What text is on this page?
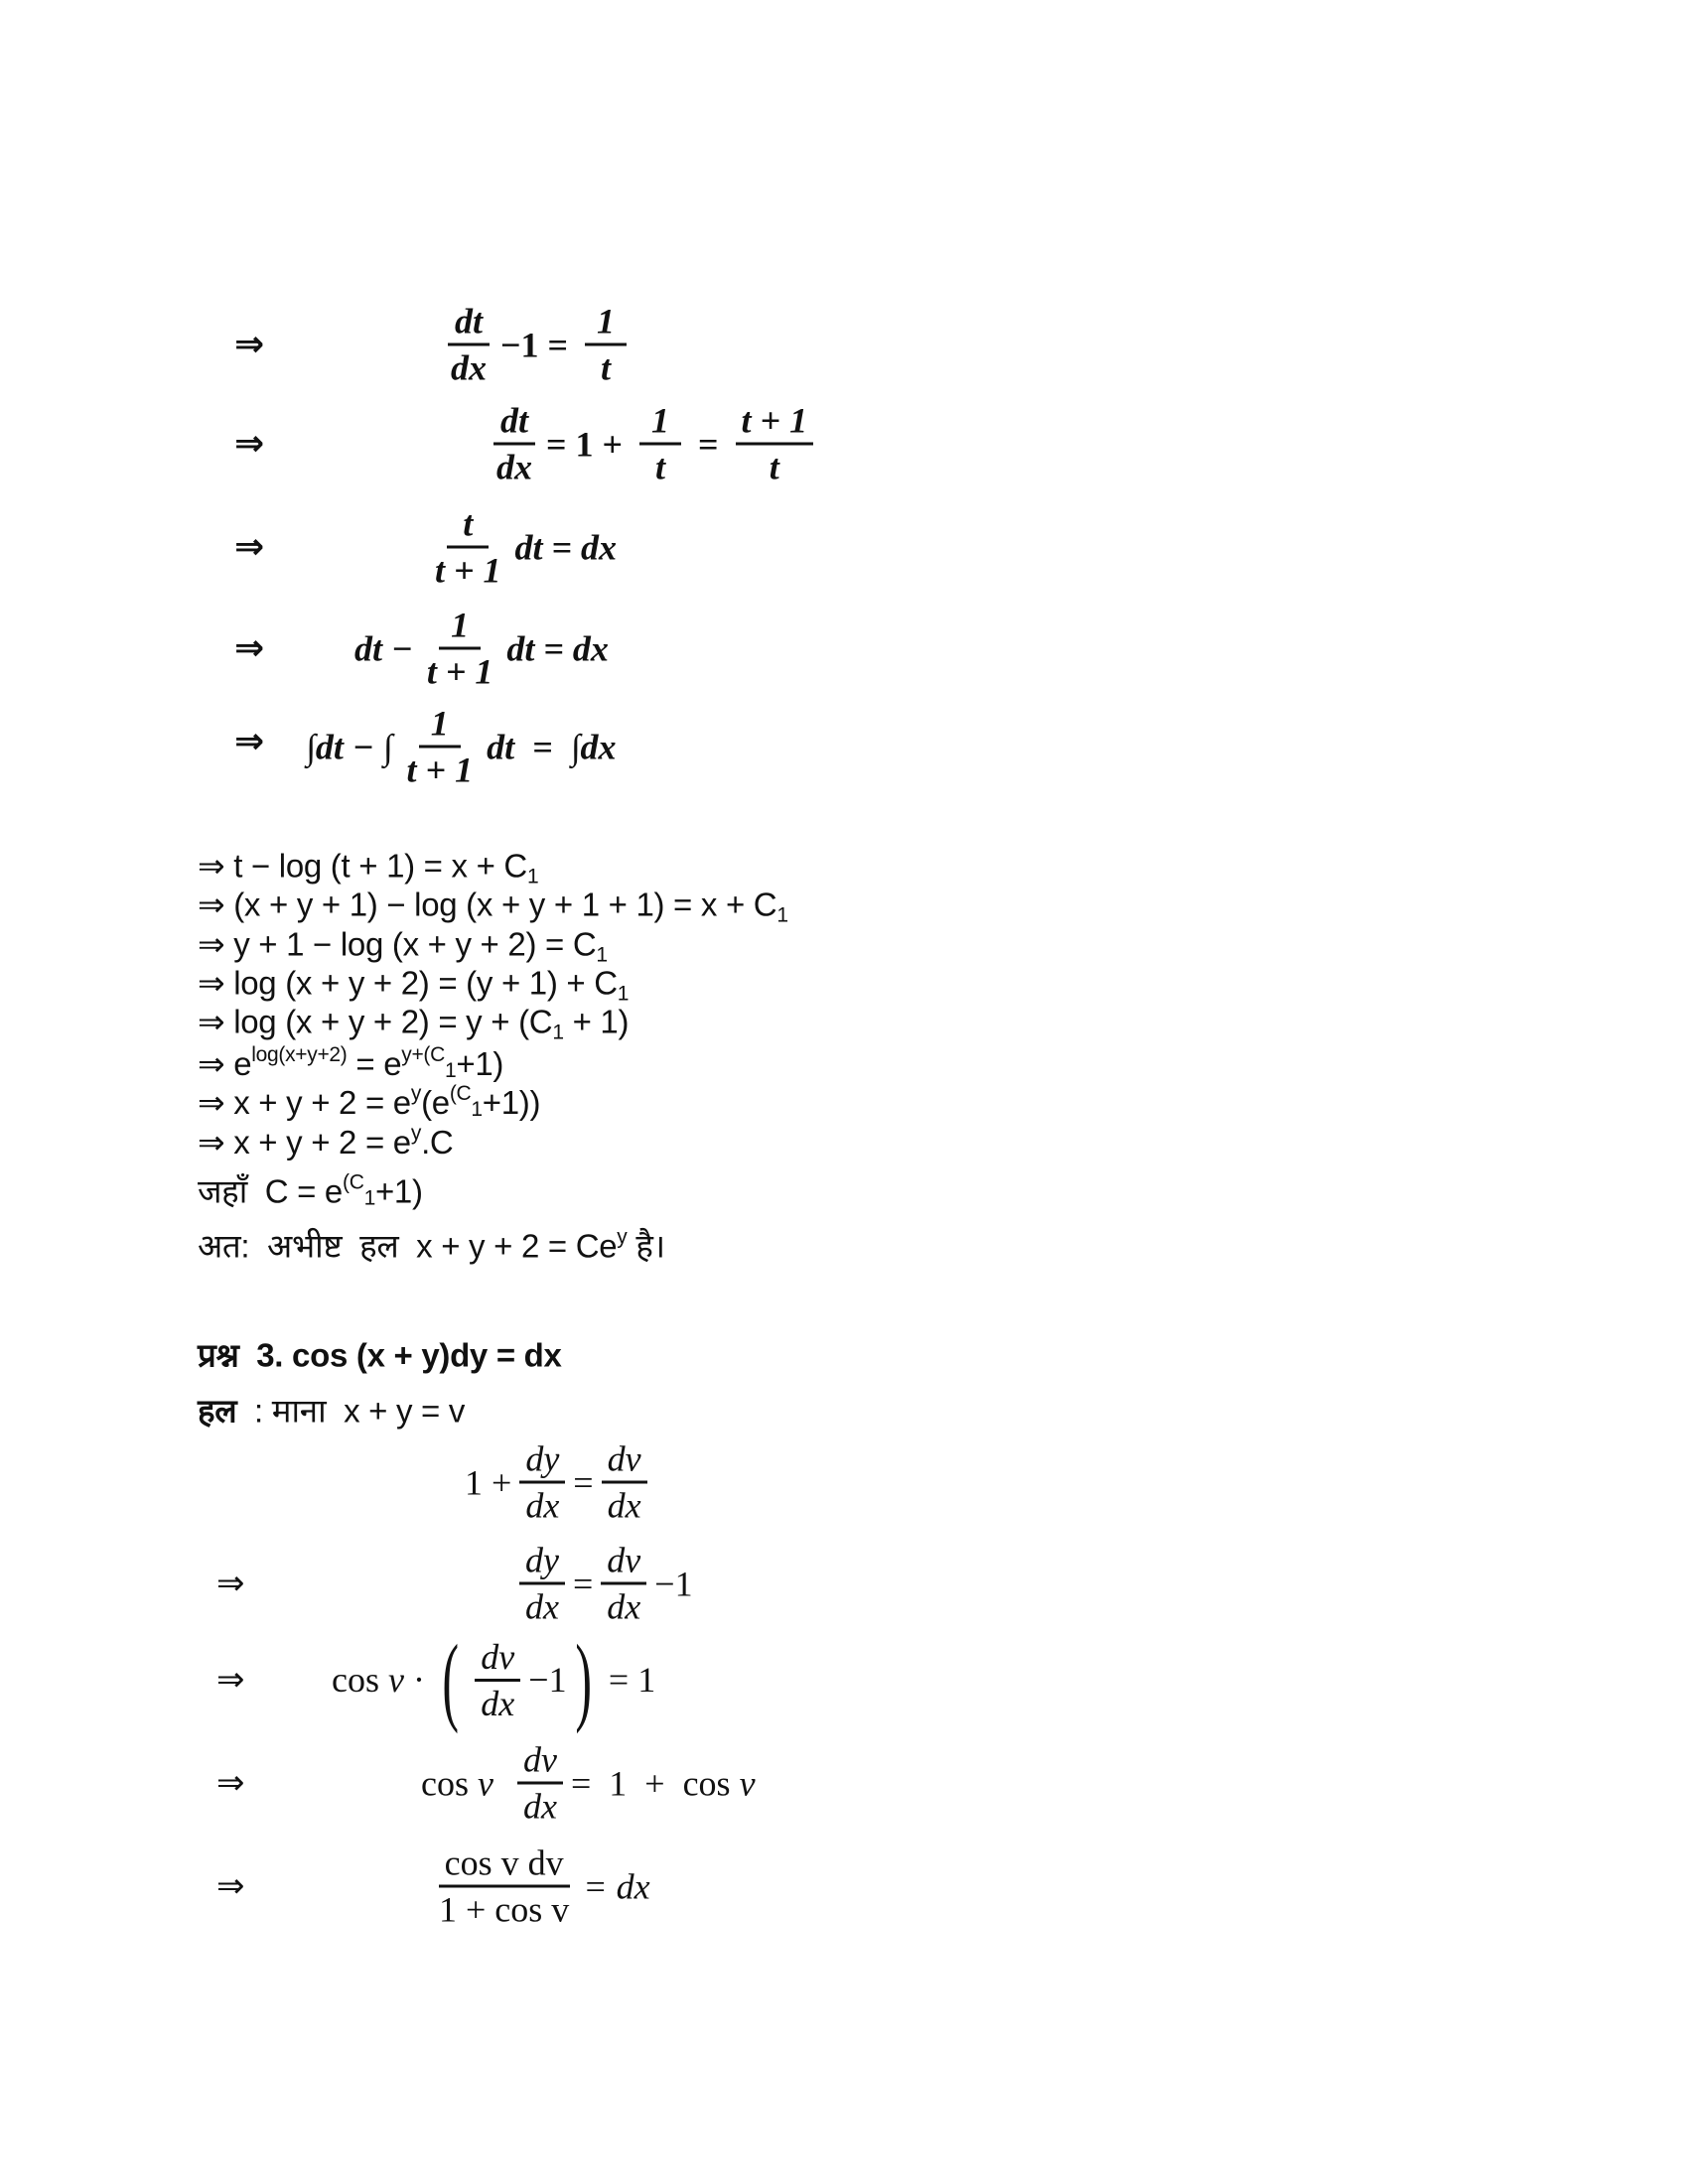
⇒	$\frac{dt}{dx} -1 = \frac{1}{t}$
⇒	$\frac{dt}{dx} = 1 + \frac{1}{t} = \frac{t + 1}{t}$
⇒	$\frac{t}{t + 1}$ dt = dx
⇒	dt − $\frac{1}{t + 1}$ dt = dx
⇒ ∫dt − ∫ $\frac{1}{t + 1}$ dt  =  ∫dx
⇒ $t - \log (t + 1) = x + C_1$
⇒ $(x + y + 1) - \log (x + y + 1 + 1) = x + C_1$
⇒ $y + 1 - \log (x + y + 2) = C_1$
⇒ $\log (x + y + 2) = (y + 1) + C_1$
⇒ $\log (x + y + 2) = y + (C_1 + 1)$
⇒ $e^{log(x+y+2)} = e^{y+(C}1+1$)
⇒ $x + y + 2 = e^y(e^{(C}1+1)$)
⇒ $x + y + 2 = e^y.C$
जहाँ  $C = e^{(C}1+1$)
अत:  अभीष्ट  हल  $x + y + 2 = Ce^y$ है।
प्रश्न  3. cos (x + y)dy = dx
हल  : माना  x + y = v
$1 + \frac{dy}{dx} = \frac{dv}{dx}$
⇒	$\frac{dy}{dx} = \frac{dv}{dx} -1$
⇒ cos v · ( $\frac{dv}{dx} -1$ ) = 1
⇒	cos v $\frac{dv}{dx} = 1 + \cos v$
⇒	$\frac{\text{cos v dv}}{\text{1 + cos v}}$ = dx
